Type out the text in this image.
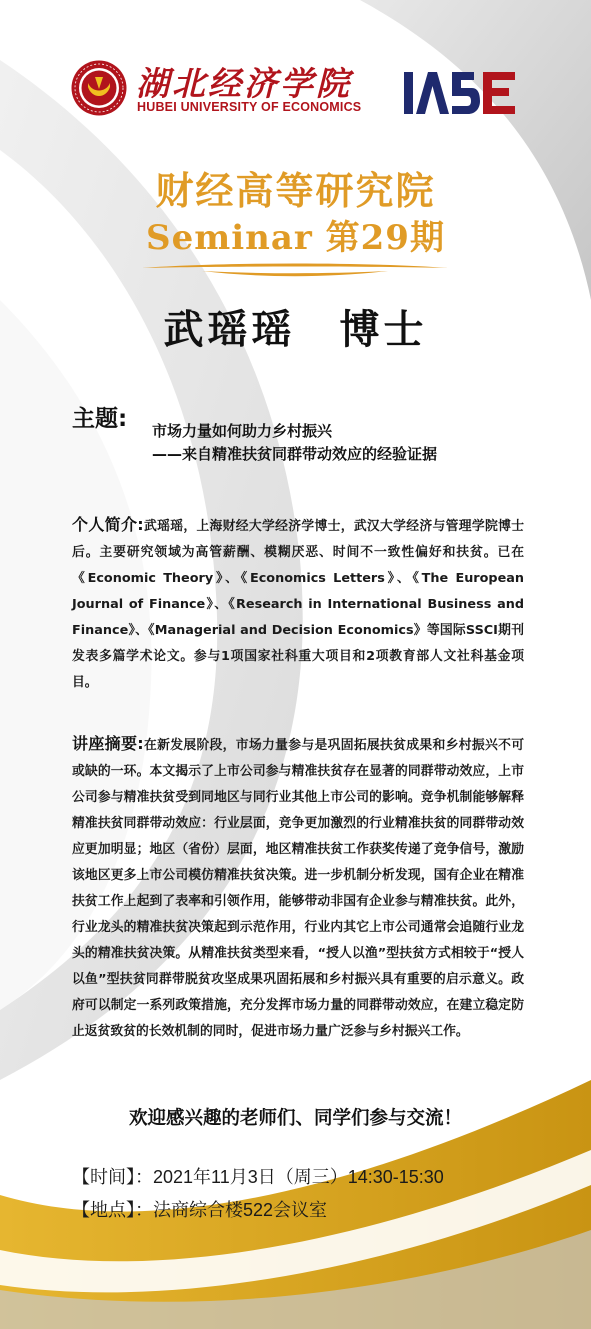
湖北经济学院
HUBEI UNIVERSITY OF ECONOMICS
IASFE
财经高等研究院
Seminar 第29期
武瑶瑶　博士
主题: 市场力量如何助力乡村振兴
——来自精准扶贫同群带动效应的经验证据
个人简介:武瑶瑶，上海财经大学经济学博士，武汉大学经济与管理学院博士后。主要研究领域为高管薪酬、模糊厌恶、时间不一致性偏好和扶贫。已在《Economic Theory》、《Economics Letters》、《The European Journal of Finance》、《Research in International Business and Finance》、《Managerial and Decision Economics》等国际SSCI期刊发表多篇学术论文。参与1项国家社科重大项目和2项教育部人文社科基金项目。
讲座摘要:在新发展阶段，市场力量参与是巩固拓展扶贫成果和乡村振兴不可或缺的一环。本文揭示了上市公司参与精准扶贫存在显著的同群带动效应，上市公司参与精准扶贫受到同地区与同行业其他上市公司的影响。竞争机制能够解释精准扶贫同群带动效应：行业层面，竞争更加激烈的行业精准扶贫的同群带动效应更加明显；地区（省份）层面，地区精准扶贫工作获奖传递了竞争信号，激励该地区更多上市公司模仿精准扶贫决策。进一步机制分析发现，国有企业在精准扶贫工作上起到了表率和引领作用，能够带动非国有企业参与精准扶贫。此外，行业龙头的精准扶贫决策起到示范作用，行业内其它上市公司通常会追随行业龙头的精准扶贫决策。从精准扶贫类型来看，“授人以渔”型扶贫方式相较于“授人以鱼”型扶贫同群带脱贫攻坚成果巩固拓展和乡村振兴具有重要的启示意义。政府可以制定一系列政策措施，充分发挥市场力量的同群带动效应，在建立稳定防止返贫致贫的长效机制的同时，促进市场力量广泛参与乡村振兴工作。
欢迎感兴趣的老师们、同学们参与交流！
【时间】：2021年11月3日（周三）14:30-15:30
【地点】：法商综合楼522会议室
